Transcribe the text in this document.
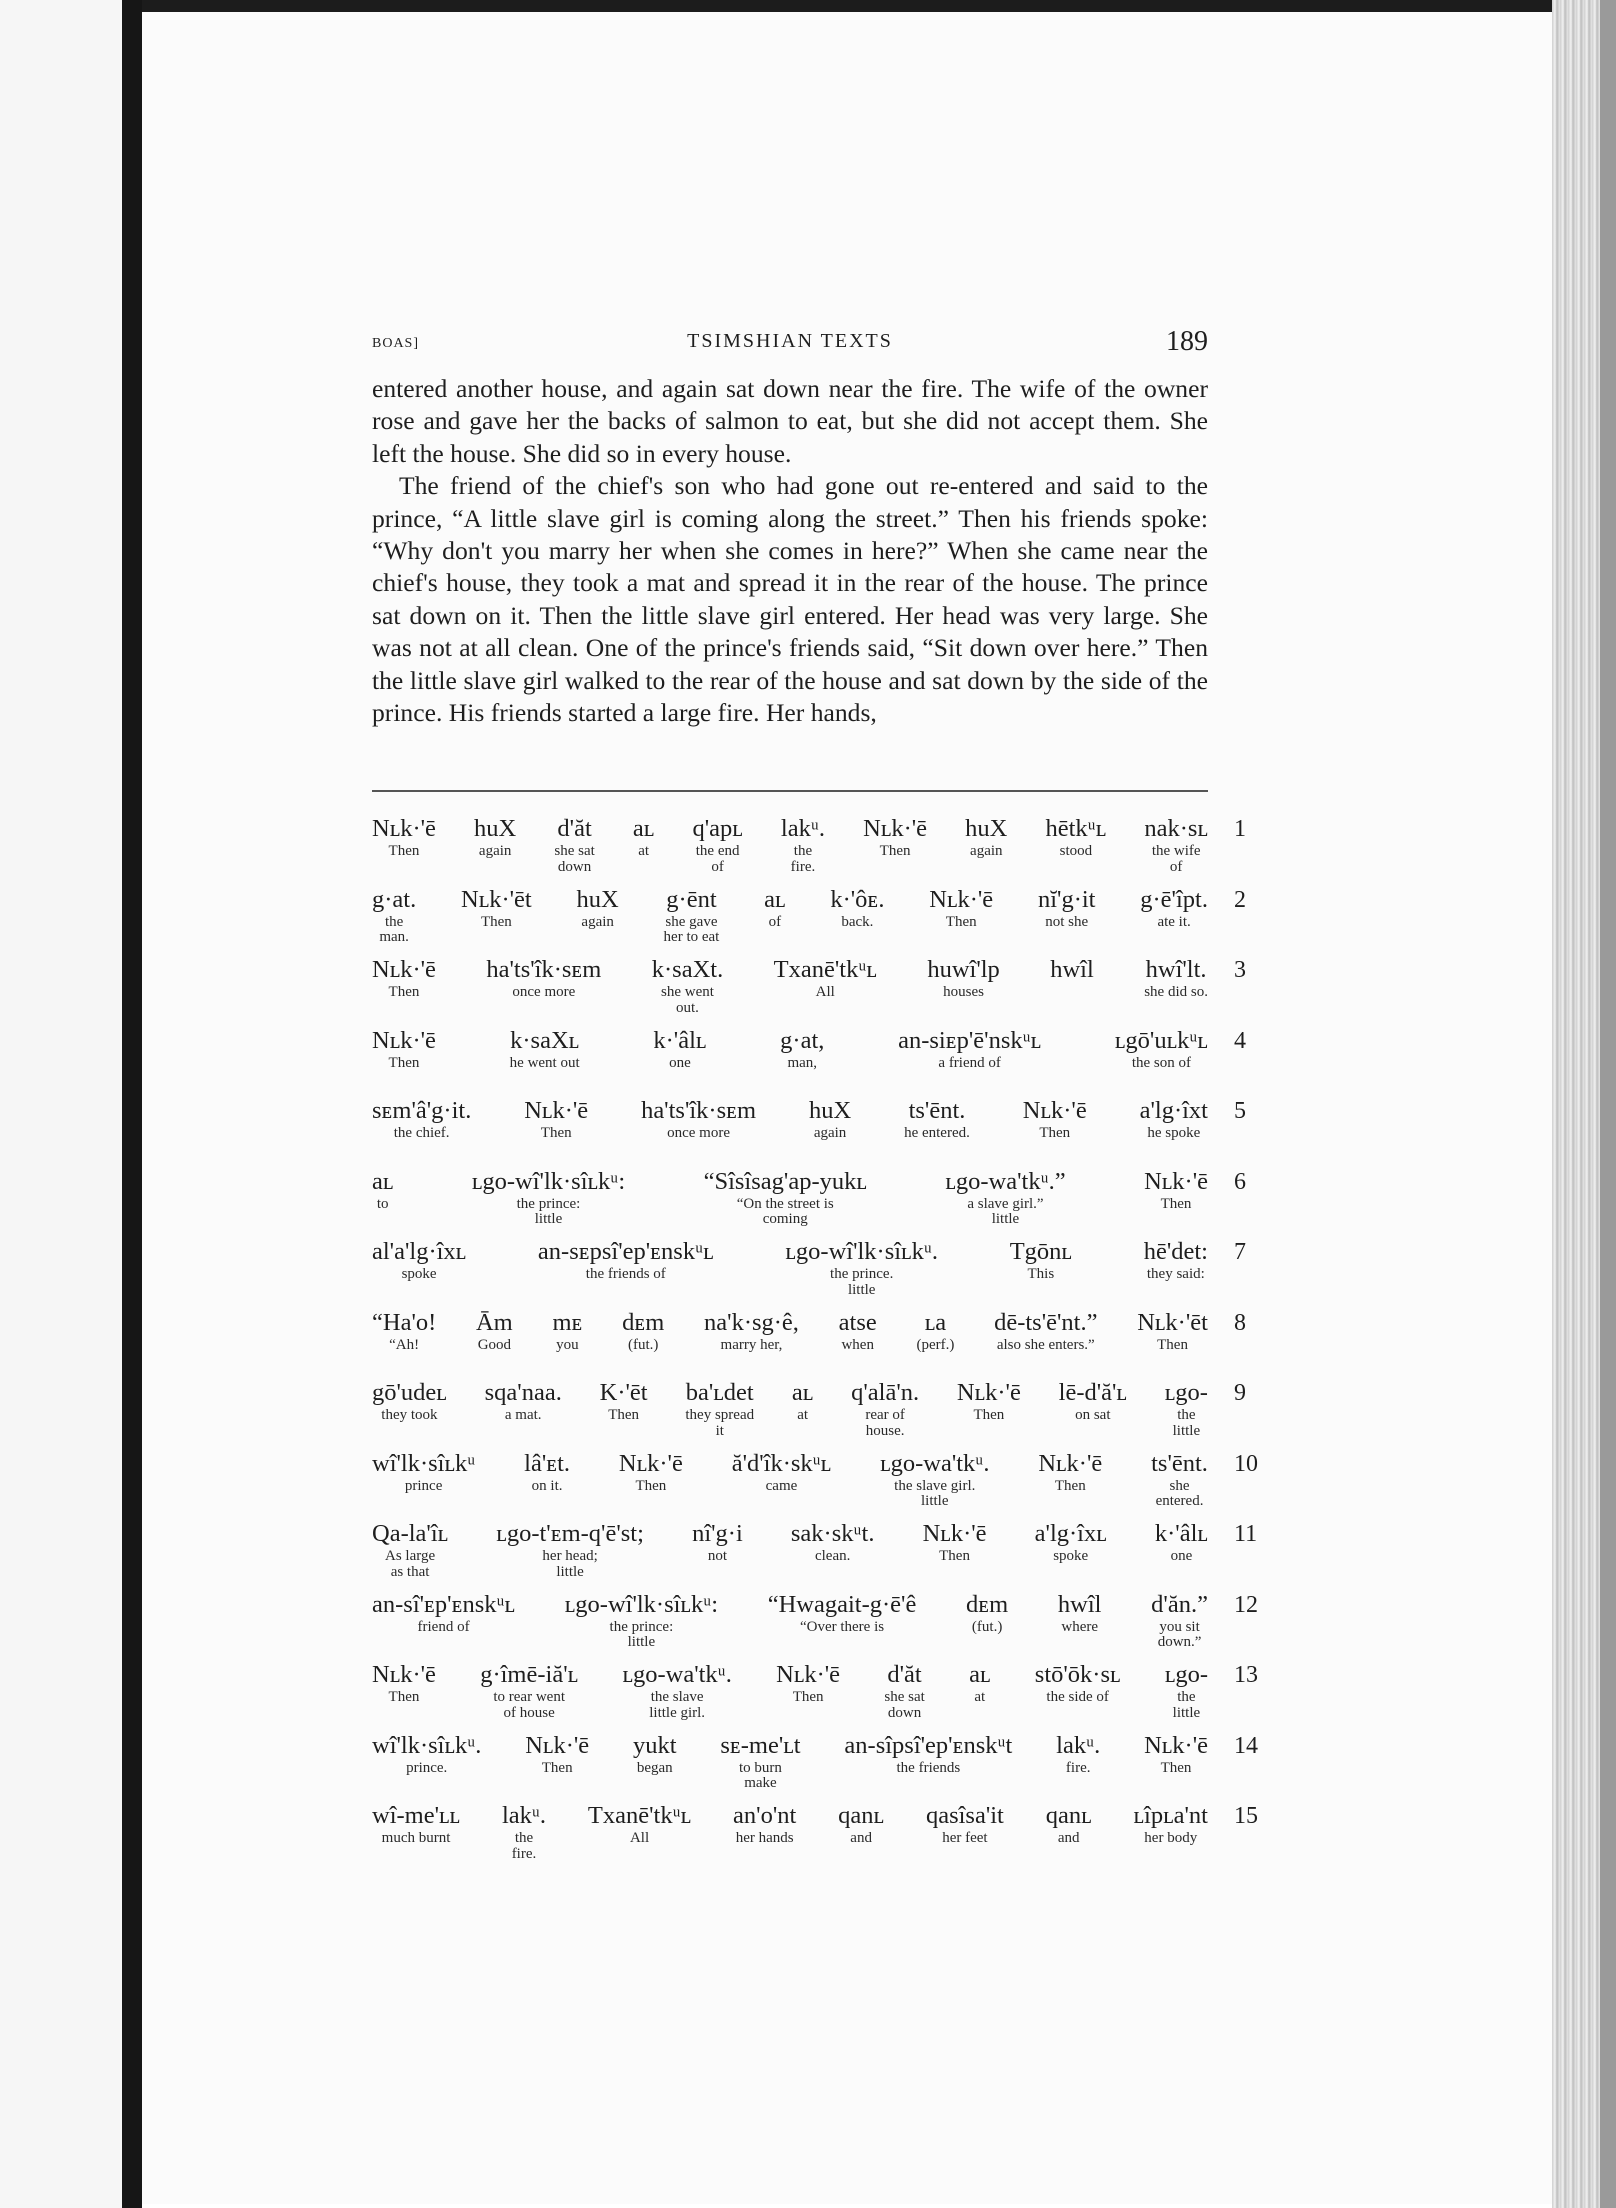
BOAS]	TSIMSHIAN TEXTS	189

entered another house, and again sat down near the fire. The wife of the owner rose and gave her the backs of salmon to eat, but she did not accept them. She left the house. She did so in every house.

The friend of the chief's son who had gone out re-entered and said to the prince, “A little slave girl is coming along the street.” Then his friends spoke: “Why don't you marry her when she comes in here?” When she came near the chief's house, they took a mat and spread it in the rear of the house. The prince sat down on it. Then the little slave girl entered. Her head was very large. She was not at all clean. One of the prince's friends said, “Sit down over here.” Then the little slave girl walked to the rear of the house and sat down by the side of the prince. His friends started a large fire. Her hands,

Nʟk·'ē
Then
huX
again
d'ăt
she sat
down
aʟ
at
q'apʟ
the end
of
lakᵘ.
the
fire.
Nʟk·'ē
Then
huX
again
hētkᵘʟ
stood
nak·sʟ
the wife
of
1
g·at.
the
man.
Nʟk·'ēt
Then
huX
again
g·ēnt
she gave
her to eat
aʟ
of
k·'ôᴇ.
back.
Nʟk·'ē
Then
nĭ'g·it
not she
g·ē'îpt.
ate it.
2
Nʟk·'ē
Then
ha'ts'îk·sᴇm
once more
k·saXt.
she went
out.
Txanē'tkᵘʟ
All
huwî'lp
houses
hwîl hwî'lt.
she did so.
3
Nʟk·'ē
Then
k·saXʟ
he went out
k·'âlʟ
one
g·at,
man,
an-siᴇp'ē'nskᵘʟ
a friend of
ʟgō'uʟkᵘʟ
the son of
4
sᴇm'â'g·it.
the chief.
Nʟk·'ē
Then
ha'ts'îk·sᴇm
once more
huX
again
ts'ēnt.
he entered.
Nʟk·'ē
Then
a'lg·îxt
he spoke
5
aʟ
to
ʟgo-wî'lk·sîʟkᵘ:
the prince:
little
“Sîsîsag'ap-yukʟ
“On the street is
coming
ʟgo-wa'tkᵘ.”
a slave girl.”
little
Nʟk·'ē
Then
6
al'a'lg·îxʟ
spoke
an-sᴇpsî'ep'ᴇnskᵘʟ
the friends of
ʟgo-wî'lk·sîʟkᵘ.
the prince.
little
Tgōnʟ
This
hē'det:
they said:
7
“Ha'o!
“Ah!
Ām
Good
mᴇ
you
dᴇm
(fut.)
na'k·sg·ê,
marry her,
atse
when
ʟa
(perf.)
dē-ts'ē'nt.”
also she enters.”
Nʟk·'ēt
Then
8
gō'udeʟ
they took
sqa'naa.
a mat.
K·'ēt
Then
ba'ʟdet
they spread
it
aʟ
at
q'alā'n.
rear of
house.
Nʟk·'ē
Then
lē-d'ă'ʟ
on sat
ʟgo-
the
little
9
wî'lk·sîʟkᵘ
prince
lâ'ᴇt.
on it.
Nʟk·'ē
Then
ă'd'îk·skᵘʟ
came
ʟgo-wa'tkᵘ.
the slave girl.
little
Nʟk·'ē
Then
ts'ēnt.
she
entered.
10
Qa-la'îʟ
As large
as that
ʟgo-t'ᴇm-q'ē'st;
her head;
little
nî'g·i
not
sak·skᵘt.
clean.
Nʟk·'ē
Then
a'lg·îxʟ
spoke
k·'âlʟ
one
11
an-sî'ᴇp'ᴇnskᵘʟ
friend of
ʟgo-wî'lk·sîʟkᵘ:
the prince:
little
“Hwagait-g·ē'ê
“Over there is
dᴇm
(fut.)
hwîl
where
d'ăn.”
you sit
down.”
12
Nʟk·'ē
Then
g·îmē-iă'ʟ
to rear went
of house
ʟgo-wa'tkᵘ.
the slave
little girl.
Nʟk·'ē
Then
d'ăt
she sat
down
aʟ
at
stō'ōk·sʟ
the side of
ʟgo-
the
little
13
wî'lk·sîʟkᵘ.
prince.
Nʟk·'ē
Then
yukt
began
sᴇ-me'ʟt
to burn
make
an-sîpsî'ep'ᴇnskᵘt
the friends
lakᵘ.
fire.
Nʟk·'ē
Then
14
wî-me'ʟʟ
much burnt
lakᵘ.
the
fire.
Txanē'tkᵘʟ
All
an'o'nt
her hands
qanʟ
and
qasîsa'it
her feet
qanʟ
and
ʟîpʟa'nt
her body
15
